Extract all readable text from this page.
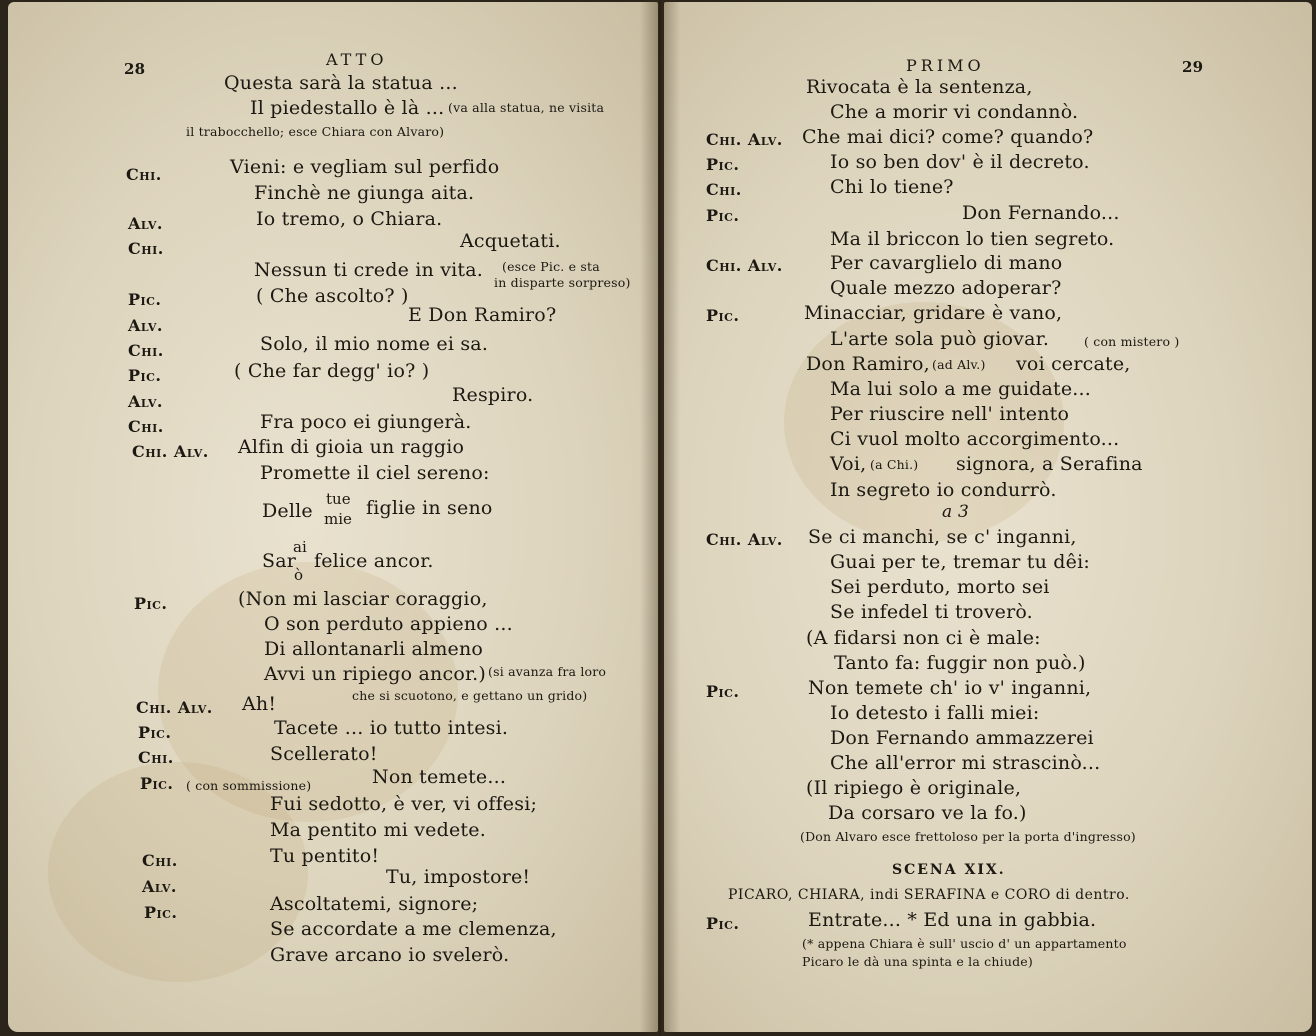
28	ATTO
Questa sarà la statua ...
Il piedestallo è là ... (va alla statua, ne visita
il trabocchello; esce Chiara con Alvaro)
Chi.	Vieni: e vegliam sul perfido
Finchè ne giunga aita.
Alv.	Io tremo, o Chiara.
Chi.	Acquetati.
Nessun ti crede in vita. (esce Pic. e sta
in disparte sorpreso)
Pic.	( Che ascolto? )
Alv.	E Don Ramiro?
Chi.	Solo, il mio nome ei sa.
Pic.	( Che far degg' io? )
Alv.	Respiro.
Chi.	Fra poco ei giungerà.
Chi. Alv. Alfin di gioia un raggio
Promette il ciel sereno:
Delle
tue
mie figlie in seno
Sar
ai
ò
felice ancor.
Pic.	(Non mi lasciar coraggio,
O son perduto appieno ...
Di allontanarli almeno
Avvi un ripiego ancor.) (si avanza fra loro
che si scuotono, e gettano un grido)
Chi. Alv. Ah!
Pic.	Tacete ... io tutto intesi.
Chi.	Scellerato!
Pic. ( con sommissione)	Non temete...
Fui sedotto, è ver, vi offesi;
Ma pentito mi vedete.
Chi.	Tu pentito!
Alv.	Tu, impostore!
Pic.	Ascoltatemi, signore;
Se accordate a me clemenza,
Grave arcano io svelerò.
PRIMO	29
Rivocata è la sentenza,
Che a morir vi condannò.
Chi. Alv. Che mai dici? come? quando?
Pic.	Io so ben dov' è il decreto.
Chi.	Chi lo tiene?
Pic.	Don Fernando...
Ma il briccon lo tien segreto.
Chi. Alv. Per cavarglielo di mano
Quale mezzo adoperar?
Pic.	Minacciar, gridare è vano,
L'arte sola può giovar.	( con mistero )
Don Ramiro, (ad Alv.) voi cercate,
Ma lui solo a me guidate...
Per riuscire nell' intento
Ci vuol molto accorgimento...
Voi, (a Chi.) signora, a Serafina
In segreto io condurrò.
a 3
Chi. Alv. Se ci manchi, se c' inganni,
Guai per te, tremar tu dêi:
Sei perduto, morto sei
Se infedel ti troverò.
(A fidarsi non ci è male:
Tanto fa: fuggir non può.)
Pic.	Non temete ch' io v' inganni,
Io detesto i falli miei:
Don Fernando ammazzerei
Che all'error mi strascinò...
(Il ripiego è originale,
Da corsaro ve la fo.)
(Don Alvaro esce frettoloso per la porta d'ingresso)
SCENA XIX.
PICARO, CHIARA, indi SERAFINA e CORO di dentro.
Pic.	Entrate... * Ed una in gabbia.
(* appena Chiara è sull' uscio d' un appartamento
Picaro le dà una spinta e la chiude)
